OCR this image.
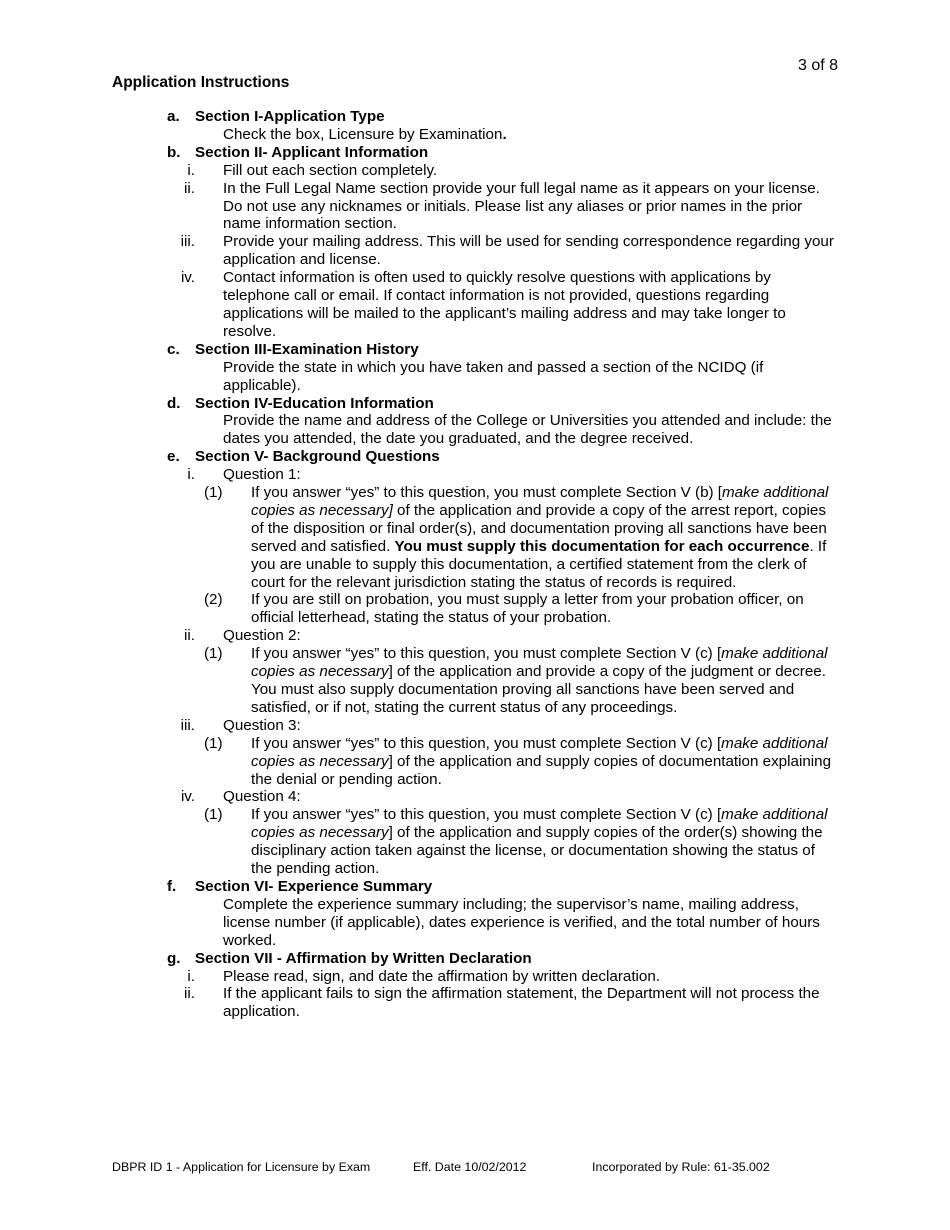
3 of 8
Application Instructions
a. Section I-Application Type
Check the box, Licensure by Examination.
b. Section II- Applicant Information
i. Fill out each section completely.
ii. In the Full Legal Name section provide your full legal name as it appears on your license. Do not use any nicknames or initials. Please list any aliases or prior names in the prior name information section.
iii. Provide your mailing address. This will be used for sending correspondence regarding your application and license.
iv. Contact information is often used to quickly resolve questions with applications by telephone call or email. If contact information is not provided, questions regarding applications will be mailed to the applicant’s mailing address and may take longer to resolve.
c. Section III-Examination History
Provide the state in which you have taken and passed a section of the NCIDQ (if applicable).
d. Section IV-Education Information
Provide the name and address of the College or Universities you attended and include: the dates you attended, the date you graduated, and the degree received.
e. Section V- Background Questions
i. Question 1:
(1) If you answer “yes” to this question, you must complete Section V (b) [make additional copies as necessary] of the application and provide a copy of the arrest report, copies of the disposition or final order(s), and documentation proving all sanctions have been served and satisfied. You must supply this documentation for each occurrence. If you are unable to supply this documentation, a certified statement from the clerk of court for the relevant jurisdiction stating the status of records is required.
(2) If you are still on probation, you must supply a letter from your probation officer, on official letterhead, stating the status of your probation.
ii. Question 2:
(1) If you answer “yes” to this question, you must complete Section V (c) [make additional copies as necessary] of the application and provide a copy of the judgment or decree. You must also supply documentation proving all sanctions have been served and satisfied, or if not, stating the current status of any proceedings.
iii. Question 3:
(1) If you answer “yes” to this question, you must complete Section V (c) [make additional copies as necessary] of the application and supply copies of documentation explaining the denial or pending action.
iv. Question 4:
(1) If you answer “yes” to this question, you must complete Section V (c) [make additional copies as necessary] of the application and supply copies of the order(s) showing the disciplinary action taken against the license, or documentation showing the status of the pending action.
f. Section VI- Experience Summary
Complete the experience summary including; the supervisor’s name, mailing address, license number (if applicable), dates experience is verified, and the total number of hours worked.
g. Section VII - Affirmation by Written Declaration
i. Please read, sign, and date the affirmation by written declaration.
ii. If the applicant fails to sign the affirmation statement, the Department will not process the application.
DBPR ID 1 - Application for Licensure by Exam	Eff. Date 10/02/2012	Incorporated by Rule: 61-35.002
